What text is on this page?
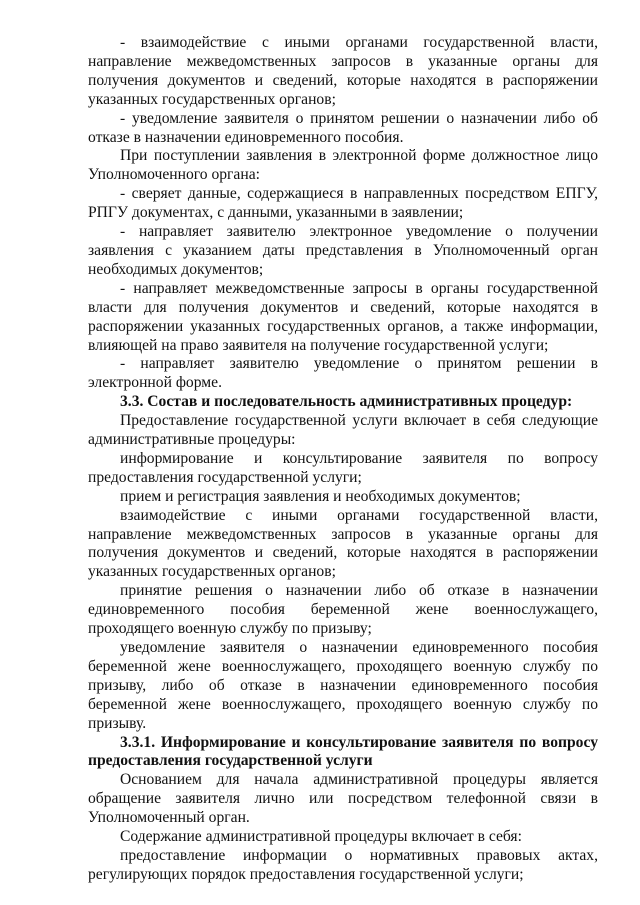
- взаимодействие с иными органами государственной власти, направление межведомственных запросов в указанные органы для получения документов и сведений, которые находятся в распоряжении указанных государственных органов;

- уведомление заявителя о принятом решении о назначении либо об отказе в назначении единовременного пособия.

При поступлении заявления в электронной форме должностное лицо Уполномоченного органа:

- сверяет данные, содержащиеся в направленных посредством ЕПГУ, РПГУ документах, с данными, указанными в заявлении;

- направляет заявителю электронное уведомление о получении заявления с указанием даты представления в Уполномоченный орган необходимых документов;

- направляет межведомственные запросы в органы государственной власти для получения документов и сведений, которые находятся в распоряжении указанных государственных органов, а также информации, влияющей на право заявителя на получение государственной услуги;

- направляет заявителю уведомление о принятом решении в электронной форме.

3.3. Состав и последовательность административных процедур:

Предоставление государственной услуги включает в себя следующие административные процедуры:

информирование и консультирование заявителя по вопросу предоставления государственной услуги;

прием и регистрация заявления и необходимых документов;

взаимодействие с иными органами государственной власти, направление межведомственных запросов в указанные органы для получения документов и сведений, которые находятся в распоряжении указанных государственных органов;

принятие решения о назначении либо об отказе в назначении единовременного пособия беременной жене военнослужащего, проходящего военную службу по призыву;

уведомление заявителя о назначении единовременного пособия беременной жене военнослужащего, проходящего военную службу по призыву, либо об отказе в назначении единовременного пособия беременной жене военнослужащего, проходящего военную службу по призыву.

3.3.1. Информирование и консультирование заявителя по вопросу предоставления государственной услуги

Основанием для начала административной процедуры является обращение заявителя лично или посредством телефонной связи в Уполномоченный орган.

Содержание административной процедуры включает в себя:

предоставление информации о нормативных правовых актах, регулирующих порядок предоставления государственной услуги;
